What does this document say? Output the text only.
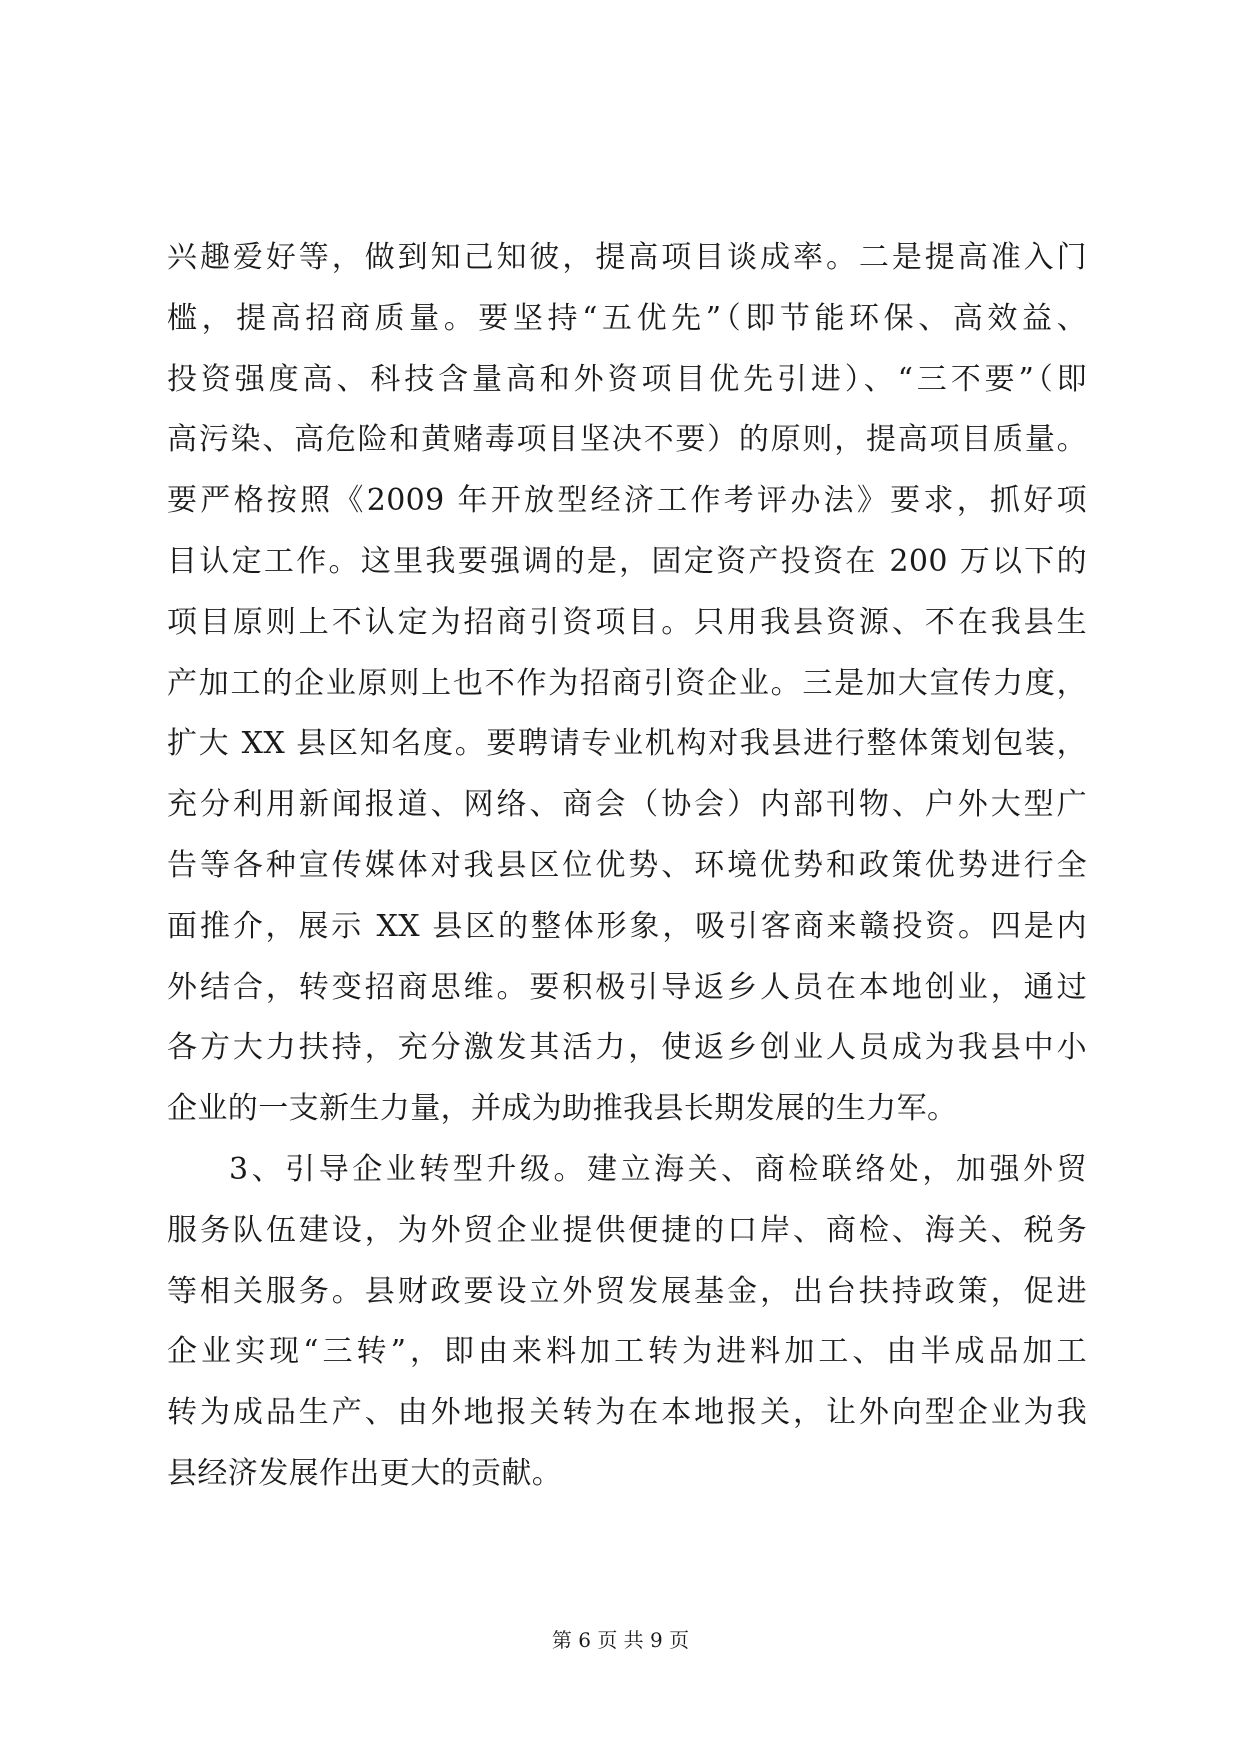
兴趣爱好等，做到知己知彼，提高项目谈成率。二是提高准入门
槛，提高招商质量。要坚持“五优先”（即节能环保、高效益、
投资强度高、科技含量高和外资项目优先引进）、“三不要”（即
高污染、高危险和黄赌毒项目坚决不要）的原则，提高项目质量。
要严格按照《2009 年开放型经济工作考评办法》要求，抓好项
目认定工作。这里我要强调的是，固定资产投资在 200 万以下的
项目原则上不认定为招商引资项目。只用我县资源、不在我县生
产加工的企业原则上也不作为招商引资企业。三是加大宣传力度，
扩大 XX 县区知名度。要聘请专业机构对我县进行整体策划包装，
充分利用新闻报道、网络、商会（协会）内部刊物、户外大型广
告等各种宣传媒体对我县区位优势、环境优势和政策优势进行全
面推介，展示 XX 县区的整体形象，吸引客商来赣投资。四是内
外结合，转变招商思维。要积极引导返乡人员在本地创业，通过
各方大力扶持，充分激发其活力，使返乡创业人员成为我县中小
企业的一支新生力量，并成为助推我县长期发展的生力军。
3、引导企业转型升级。建立海关、商检联络处，加强外贸
服务队伍建设，为外贸企业提供便捷的口岸、商检、海关、税务
等相关服务。县财政要设立外贸发展基金，出台扶持政策，促进
企业实现“三转”，即由来料加工转为进料加工、由半成品加工
转为成品生产、由外地报关转为在本地报关，让外向型企业为我
县经济发展作出更大的贡献。
第 6 页 共 9 页
